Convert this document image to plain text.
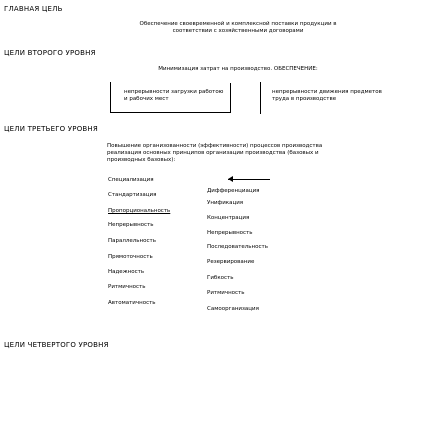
ГЛАВНАЯ ЦЕЛЬ
Обеспечение своевременной и комплексной поставки продукции в
соответствии с хозяйственными договорами
ЦЕЛИ ВТОРОГО УРОВНЯ
Минимизация затрат на производство. ОБЕСПЕЧЕНИЕ:
непрерывности загрузки работою
и рабочих мест
непрерывности движения предметов
труда в производстве
ЦЕЛИ ТРЕТЬЕГО УРОВНЯ
Повышение организованности (эффективности) процессов производства
реализация основных принципов организации производства (базовых и
производных базовых):
Специализация
Стандартизация
Пропорциональность
Непрерывность
Параллельность
Прямоточность
Надежность
Ритмичность
Автоматичность
Дифференциация
Унификация
Концентрация
Непрерывность
Последовательность
Резервирование
Гибкость
Ритмичность
Самоорганизация
ЦЕЛИ ЧЕТВЕРТОГО УРОВНЯ
